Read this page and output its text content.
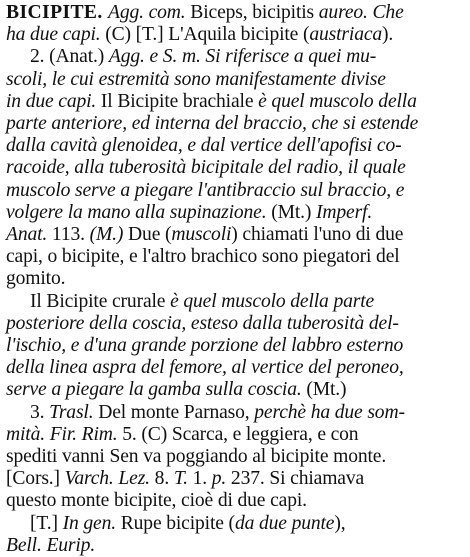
BICIPITE. Agg. com. Biceps, bicipitis aureo. Che
ha due capi. (C) [T.] L'Aquila bicipite (austriaca).
2. (Anat.) Agg. e S. m. Si riferisce a quei mu-
scoli, le cui estremità sono manifestamente divise
in due capi. Il Bicipite brachiale è quel muscolo della
parte anteriore, ed interna del braccio, che si estende
dalla cavità glenoidea, e dal vertice dell'apofisi co-
racoide, alla tuberosità bicipitale del radio, il quale
muscolo serve a piegare l'antibraccio sul braccio, e
volgere la mano alla supinazione. (Mt.) Imperf.
Anat. 113. (M.) Due (muscoli) chiamati l'uno di due
capi, o bicipite, e l'altro brachico sono piegatori del
gomito.
Il Bicipite crurale è quel muscolo della parte
posteriore della coscia, esteso dalla tuberosità del-
l'ischio, e d'una grande porzione del labbro esterno
della linea aspra del femore, al vertice del peroneo,
serve a piegare la gamba sulla coscia. (Mt.)
3. Trasl. Del monte Parnaso, perchè ha due som-
mità. Fir. Rim. 5. (C) Scarca, e leggiera, e con
spediti vanni Sen va poggiando al bicipite monte.
[Cors.] Varch. Lez. 8. T. 1. p. 237. Si chiamava
questo monte bicipite, cioè di due capi.
[T.] In gen. Rupe bicipite (da due punte),
Bell. Eurip.
